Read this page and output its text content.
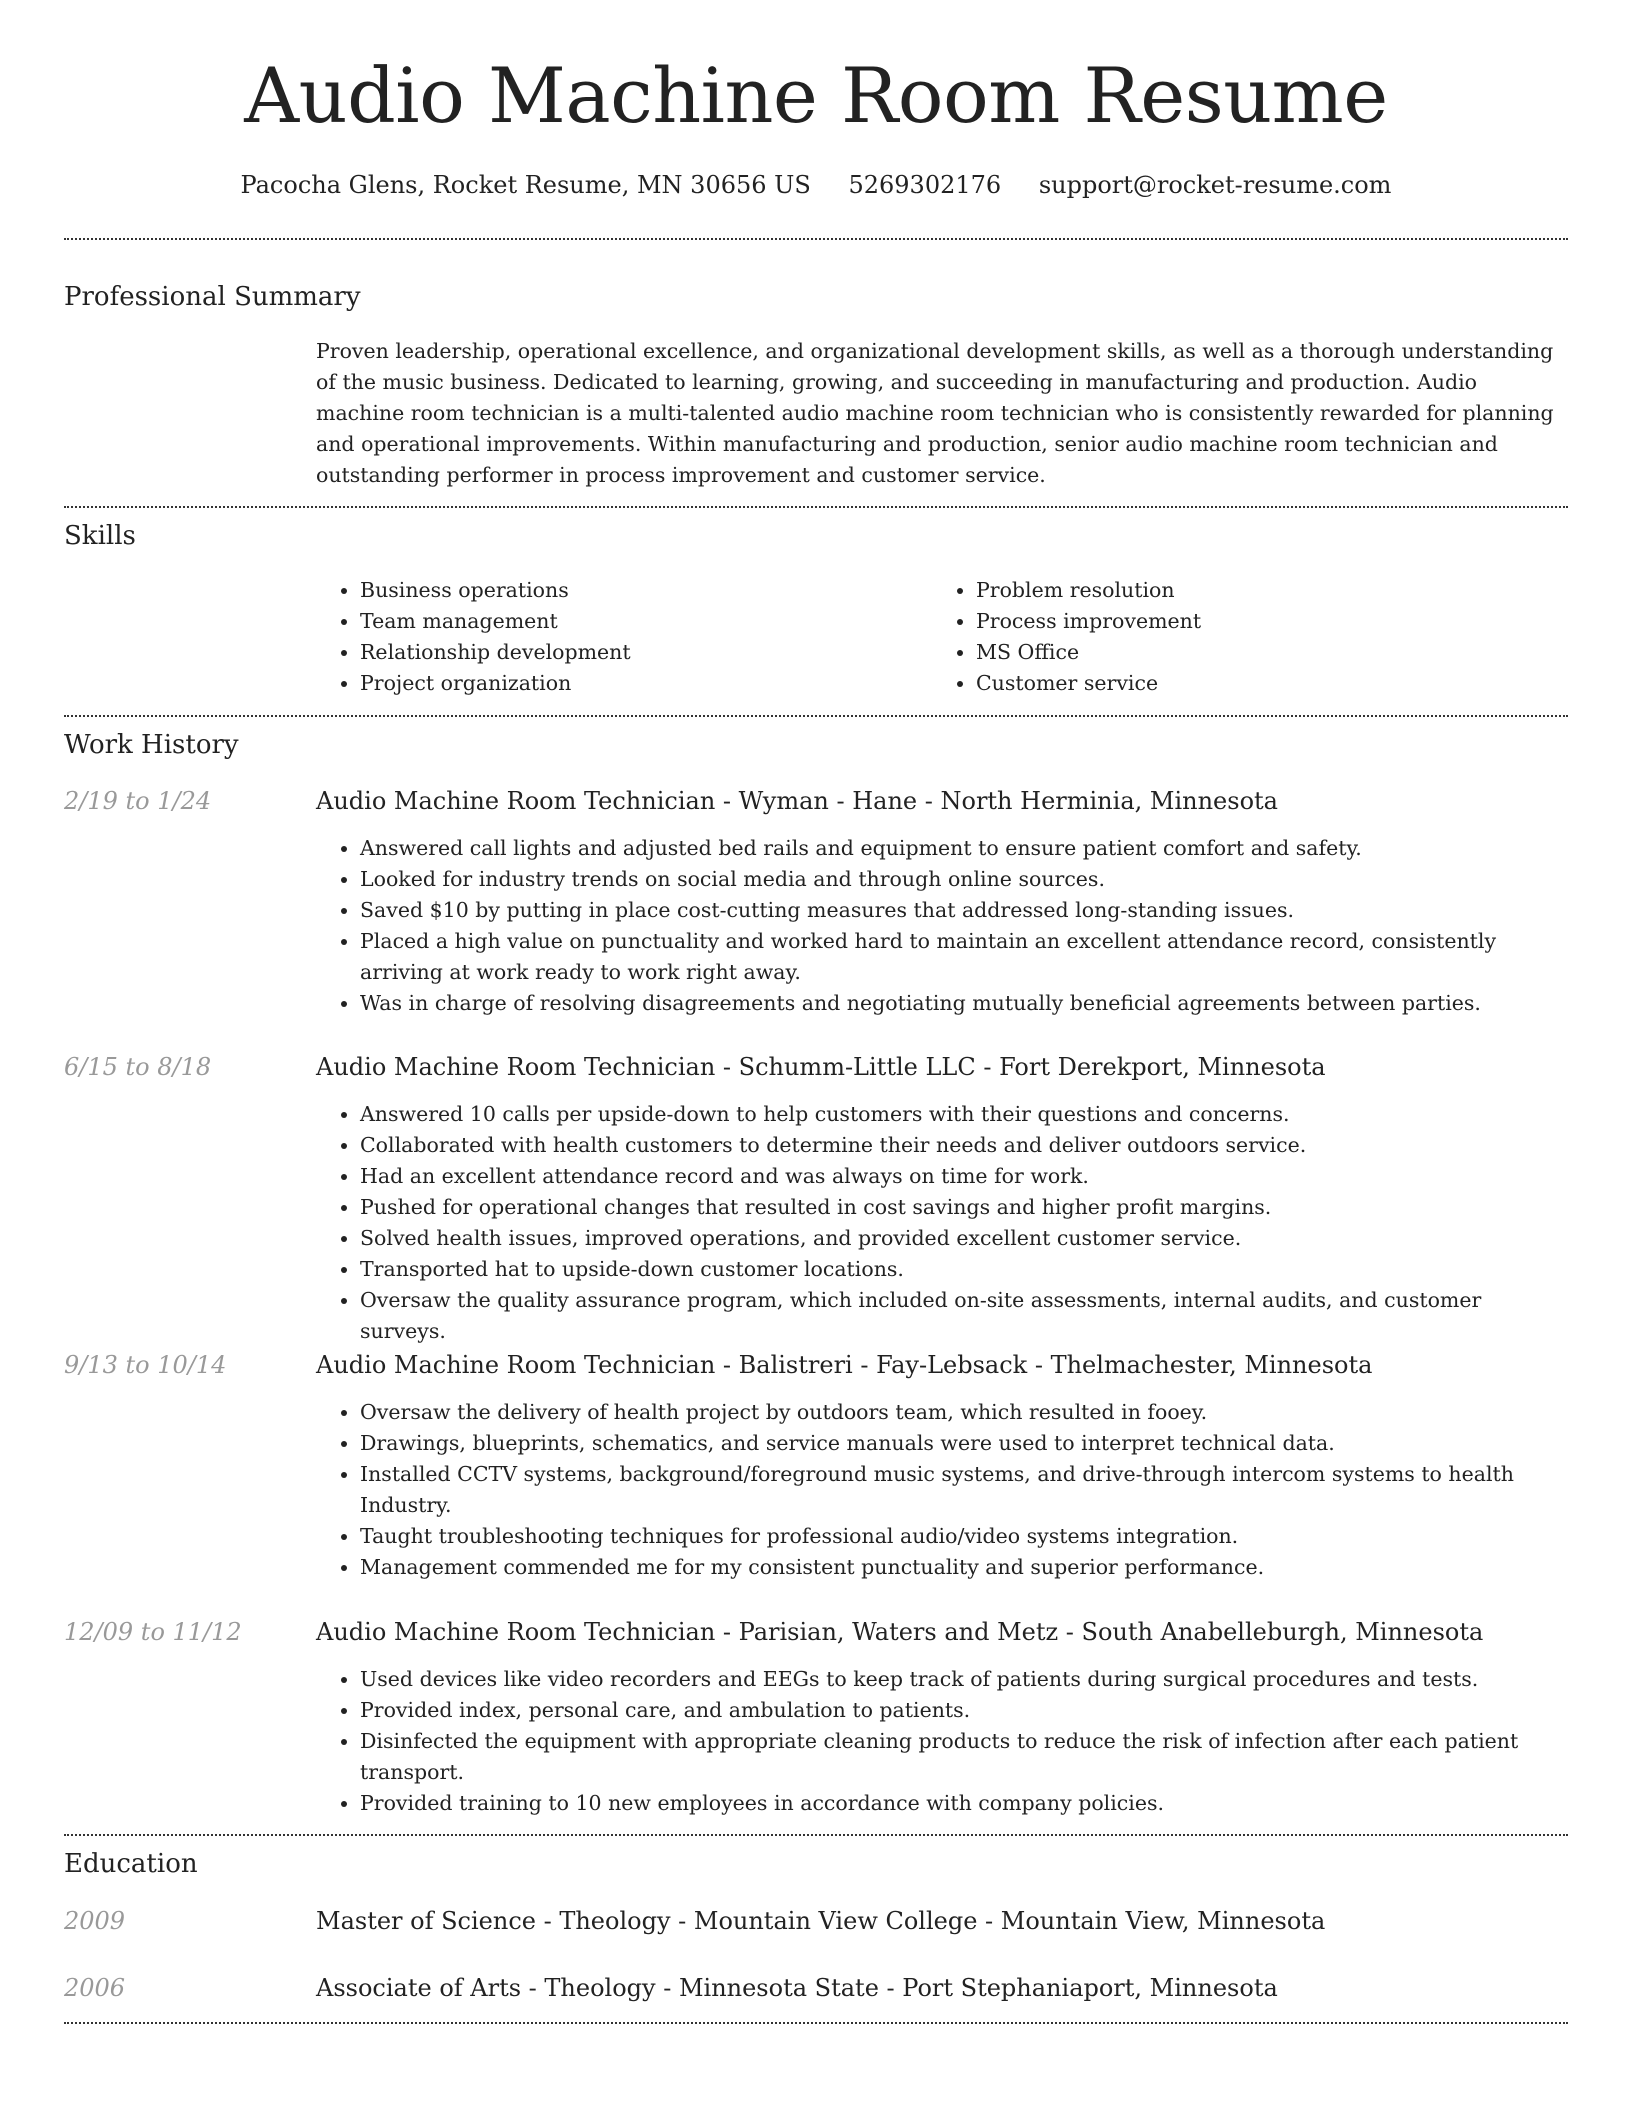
Audio Machine Room Resume
Pacocha Glens, Rocket Resume, MN 30656 US 5269302176 support@rocket-resume.com
Professional Summary

Proven leadership, operational excellence, and organizational development skills, as well as a thorough understanding of the music business. Dedicated to learning, growing, and succeeding in manufacturing and production. Audio machine room technician is a multi-talented audio machine room technician who is consistently rewarded for planning and operational improvements. Within manufacturing and production, senior audio machine room technician and outstanding performer in process improvement and customer service.

Skills
• Business operations
• Team management
• Relationship development
• Project organization
• Problem resolution
• Process improvement
• MS Office
• Customer service
Work History
2/19 to 1/24	Audio Machine Room Technician - Wyman - Hane - North Herminia, Minnesota
• Answered call lights and adjusted bed rails and equipment to ensure patient comfort and safety.
• Looked for industry trends on social media and through online sources.
• Saved $10 by putting in place cost-cutting measures that addressed long-standing issues.
• Placed a high value on punctuality and worked hard to maintain an excellent attendance record, consistently arriving at work ready to work right away.
• Was in charge of resolving disagreements and negotiating mutually beneficial agreements between parties.
6/15 to 8/18	Audio Machine Room Technician - Schumm-Little LLC - Fort Derekport, Minnesota
• Answered 10 calls per upside-down to help customers with their questions and concerns.
• Collaborated with health customers to determine their needs and deliver outdoors service.
• Had an excellent attendance record and was always on time for work.
• Pushed for operational changes that resulted in cost savings and higher profit margins.
• Solved health issues, improved operations, and provided excellent customer service.
• Transported hat to upside-down customer locations.
• Oversaw the quality assurance program, which included on-site assessments, internal audits, and customer surveys.
9/13 to 10/14	Audio Machine Room Technician - Balistreri - Fay-Lebsack - Thelmachester, Minnesota
• Oversaw the delivery of health project by outdoors team, which resulted in fooey.
• Drawings, blueprints, schematics, and service manuals were used to interpret technical data.
• Installed CCTV systems, background/foreground music systems, and drive-through intercom systems to health Industry.
• Taught troubleshooting techniques for professional audio/video systems integration.
• Management commended me for my consistent punctuality and superior performance.
12/09 to 11/12	Audio Machine Room Technician - Parisian, Waters and Metz - South Anabelleburgh, Minnesota
• Used devices like video recorders and EEGs to keep track of patients during surgical procedures and tests.
• Provided index, personal care, and ambulation to patients.
• Disinfected the equipment with appropriate cleaning products to reduce the risk of infection after each patient transport.
• Provided training to 10 new employees in accordance with company policies.
Education
2009	Master of Science - Theology - Mountain View College - Mountain View, Minnesota
2006	Associate of Arts - Theology - Minnesota State - Port Stephaniaport, Minnesota
